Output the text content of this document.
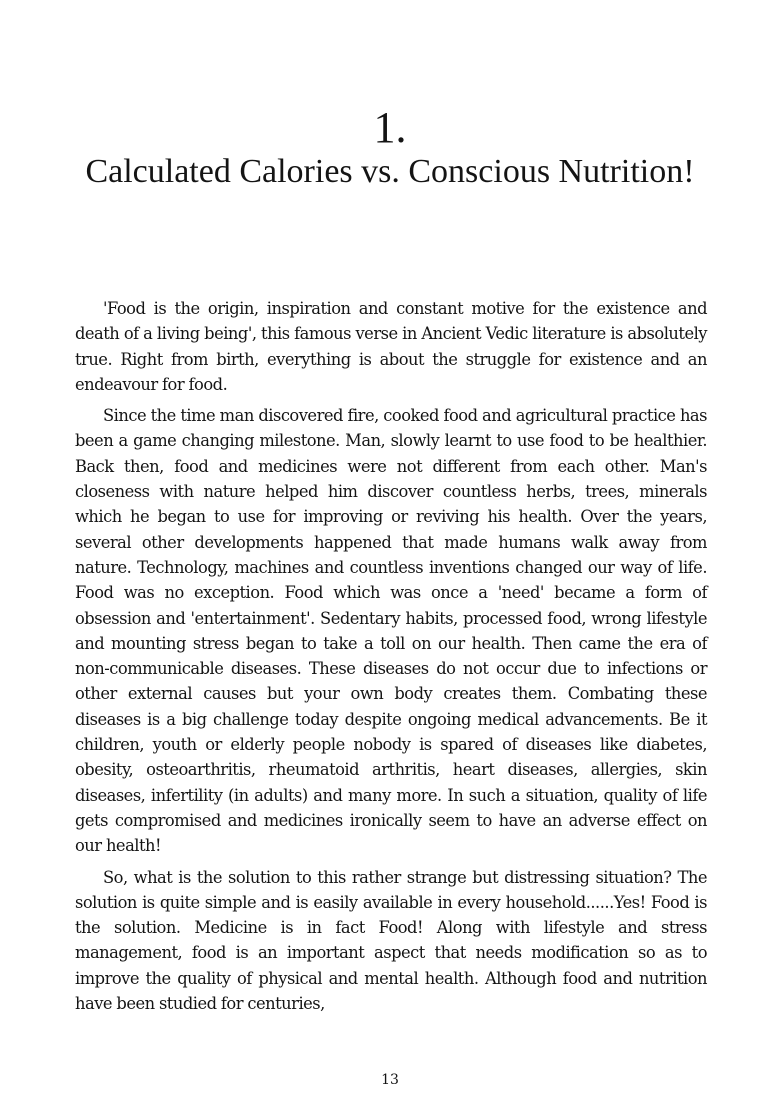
1.
Calculated Calories vs. Conscious Nutrition!

'Food is the origin, inspiration and constant motive for the existence and death of a living being', this famous verse in Ancient Vedic literature is absolutely true. Right from birth, everything is about the struggle for existence and an endeavour for food.

Since the time man discovered fire, cooked food and agricultural practice has been a game changing milestone. Man, slowly learnt to use food to be healthier. Back then, food and medicines were not different from each other. Man's closeness with nature helped him discover countless herbs, trees, minerals which he began to use for improving or reviving his health. Over the years, several other developments happened that made humans walk away from nature. Technology, machines and countless inventions changed our way of life. Food was no exception. Food which was once a 'need' became a form of obsession and 'entertainment'. Sedentary habits, processed food, wrong lifestyle and mounting stress began to take a toll on our health. Then came the era of non-communicable diseases. These diseases do not occur due to infections or other external causes but your own body creates them. Combating these diseases is a big challenge today despite ongoing medical advancements. Be it children, youth or elderly people nobody is spared of diseases like diabetes, obesity, osteoarthritis, rheumatoid arthritis, heart diseases, allergies, skin diseases, infertility (in adults) and many more. In such a situation, quality of life gets compromised and medicines ironically seem to have an adverse effect on our health!

So, what is the solution to this rather strange but distressing situation? The solution is quite simple and is easily available in every household......Yes! Food is the solution. Medicine is in fact Food! Along with lifestyle and stress management, food is an important aspect that needs modification so as to improve the quality of physical and mental health. Although food and nutrition have been studied for centuries,

13
